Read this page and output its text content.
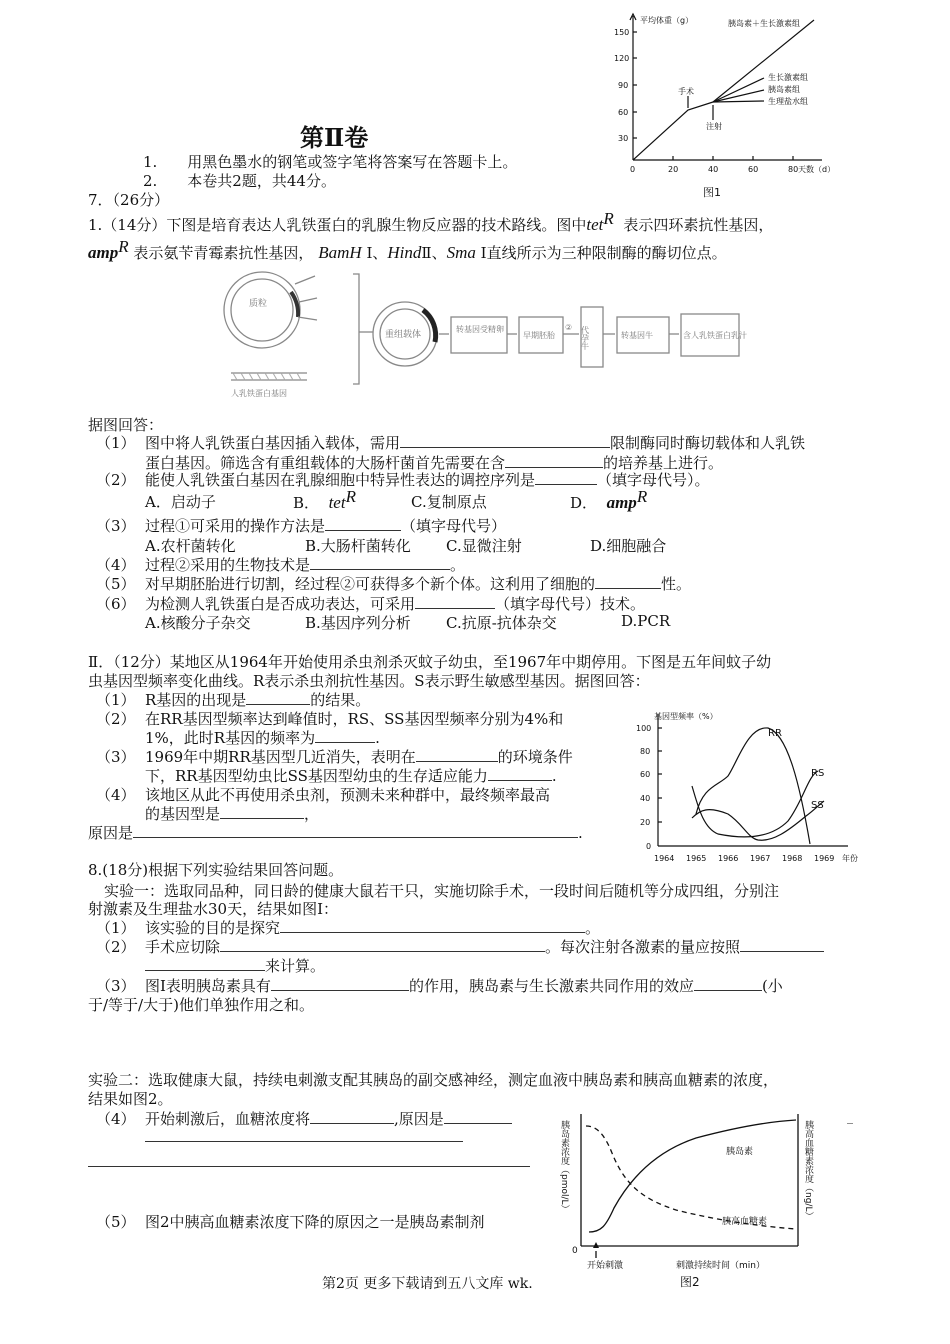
平均体重（g）
150
120
90
60
30
0	20	40	60	80 天数（d）
手术
注射
胰岛素＋生长激素组
生长激素组
胰岛素组
生理盐水组
图1
第Ⅱ卷
1.　　用黑色墨水的钢笔或签字笔将答案写在答题卡上。
2.　　本卷共2题，共44分。
7．（26分）
1.（14分）下图是培育表达人乳铁蛋白的乳腺生物反应器的技术路线。图中tet$^R$ 表示四环素抗性基因，
amp$^R$ 表示氨苄青霉素抗性基因， BamH Ⅰ、HindⅡ、Sma Ⅰ直线所示为三种限制酶的酶切位点。
质粒
人乳铁蛋白基因
重组载体
转基因受精卵
早期胚胎
② 代孕牛	转基因牛	含人乳铁蛋白乳汁
据图回答：
（1） 图中将人乳铁蛋白基因插入载体，需用	限制酶同时酶切载体和人乳铁
蛋白基因。筛选含有重组载体的大肠杆菌首先需要在含	的培养基上进行。
（2） 能使人乳铁蛋白基因在乳腺细胞中特异性表达的调控序列是	（填字母代号）。
A．启动子	B． tet$^R$	C.复制原点	D． amp$^R$
（3） 过程①可采用的操作方法是	（填字母代号）
A.农杆菌转化	B.大肠杆菌转化 C.显微注射	D.细胞融合
（4） 过程②采用的生物技术是	。
（5） 对早期胚胎进行切割，经过程②可获得多个新个体。这利用了细胞的	性。
（6） 为检测人乳铁蛋白是否成功表达，可采用	（填字母代号）技术。
A.核酸分子杂交	B.基因序列分析 C.抗原-抗体杂交	D.PCR
Ⅱ．（12分）某地区从1964年开始使用杀虫剂杀灭蚊子幼虫，至1967年中期停用。下图是五年间蚊子幼
虫基因型频率变化曲线。R表示杀虫剂抗性基因。S表示野生敏感型基因。据图回答：
（1） R基因的出现是	的结果。
（2） 在RR基因型频率达到峰值时，RS、SS基因型频率分别为4%和
1%，此时R基因的频率为	.
（3） 1969年中期RR基因型几近消失，表明在	的环境条件
下，RR基因型幼虫比SS基因型幼虫的生存适应能力	.
（4） 该地区从此不再使用杀虫剂，预测未来种群中，最终频率最高
的基因型是	，
原因是	.
基因型频率（%）
100
80
60
40
20
0
1964 1965 1966 1967 1968 1969 年份
RR
RS
SS
8.(18分)根据下列实验结果回答问题。
实验一：选取同品种，同日龄的健康大鼠若干只，实施切除手术，一段时间后随机等分成四组，分别注
射激素及生理盐水30天，结果如图Ⅰ：
（1） 该实验的目的是探究	。
（2） 手术应切除	。每次注射各激素的量应按照
来计算。
（3） 图Ⅰ表明胰岛素具有	的作用，胰岛素与生长激素共同作用的效应	(小
于/等于/大于)他们单独作用之和。
实验二：选取健康大鼠，持续电刺激支配其胰岛的副交感神经，测定血液中胰岛素和胰高血糖素的浓度，
结果如图2。
（4） 开始刺激后，血糖浓度将	,原因是	_
（5） 图2中胰高血糖素浓度下降的原因之一是胰岛素制剂
胰岛素浓度（pmol/L）	胰高血糖素浓度（ng/L）
0
开始刺激	刺激持续时间（min）
胰岛素
胰高血糖素
图2
第2页 更多下载请到五八文库 wk.
